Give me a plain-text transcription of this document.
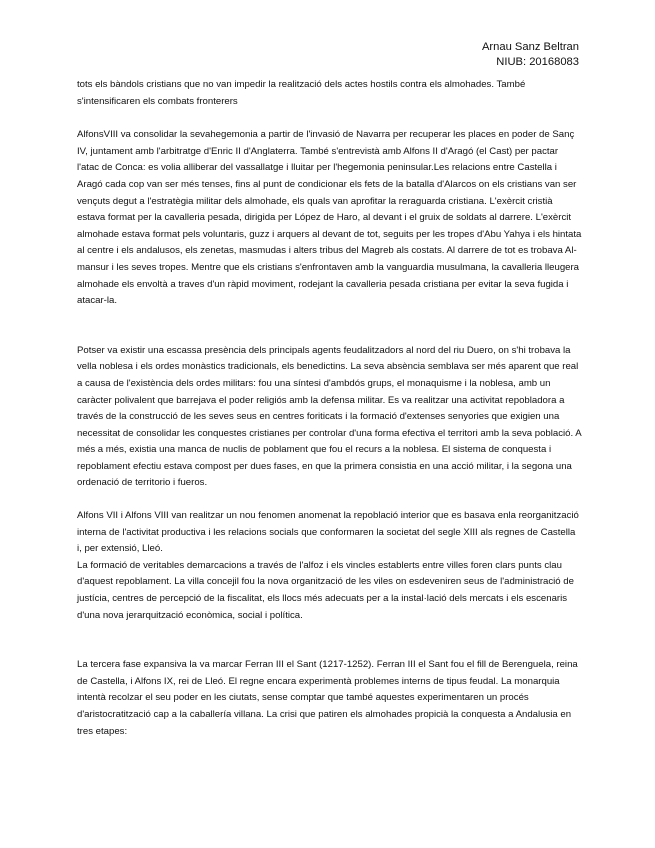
Arnau Sanz Beltran
NIUB: 20168083

tots els bàndols cristians que no van impedir la realització dels actes hostils contra els almohades. També s'intensificaren els combats fronterers

AlfonsVIII va consolidar la sevahegemonia a partir de l'invasió de Navarra per recuperar les places en poder de Sanç IV, juntament amb l'arbitratge d'Enric II d'Anglaterra. També s'entrevistà amb Alfons II d'Aragó (el Cast) per pactar l'atac de Conca: es volia alliberar del vassallatge i lluitar per l'hegemonia peninsular.Les relacions entre Castella i Aragó cada cop van ser més tenses, fins al punt de condicionar els fets de la batalla d'Alarcos on els cristians van ser vençuts degut a l'estratègia militar dels almohade, els quals van aprofitar la reraguarda cristiana. L'exèrcit cristià estava format per la cavalleria pesada, dirigida per López de Haro, al devant i el gruix de soldats al darrere. L'exèrcit almohade estava format pels voluntaris, guzz i arquers al devant de tot, seguits per les tropes d'Abu Yahya i els hintata al centre i els andalusos, els zenetas, masmudas i alters tribus del Magreb als costats. Al darrere de tot es trobava Al-mansur i les seves tropes. Mentre que els cristians s'enfrontaven amb la vanguardia musulmana, la cavalleria lleugera almohade els envoltà a traves d'un ràpid moviment, rodejant la cavalleria pesada cristiana per evitar la seva fugida i atacar-la.

Potser va existir una escassa presència dels principals agents feudalitzadors al nord del riu Duero, on s'hi trobava la vella noblesa i els ordes monàstics tradicionals, els benedictins. La seva absència semblava ser més aparent que real a causa de l'existència dels ordes militars: fou una síntesi d'ambdós grups, el monaquisme i la noblesa, amb un caràcter polivalent que barrejava el poder religiós amb la defensa militar. Es va realitzar una activitat repobladora a través de la construcció de les seves seus en centres foriticats i la formació d'extenses senyories que exigien una necessitat de consolidar les conquestes cristianes per controlar d'una forma efectiva el territori amb la seva població. A més a més, existia una manca de nuclis de poblament que fou el recurs a la noblesa. El sistema de conquesta i repoblament efectiu estava compost per dues fases, en que la primera consistia en una acció militar, i la segona una ordenació de territorio i fueros.

Alfons VII i Alfons VIII van realitzar un nou fenomen anomenat la repoblació interior que es basava enla reorganització interna de l'activitat productiva i les relacions socials que conformaren la societat del segle XIII als regnes de Castella i, per extensió, Lleó.

La formació de veritables demarcacions a través de l'alfoz i els vincles establerts entre villes foren clars punts clau d'aquest repoblament. La villa concejil fou la nova organització de les viles on esdeveniren seus de l'administració de justícia, centres de percepció de la fiscalitat, els llocs més adecuats per a la instal·lació dels mercats i els escenaris d'una nova jerarquització econòmica, social i política.

La tercera fase expansiva la va marcar Ferran III el Sant (1217-1252). Ferran III el Sant fou el fill de Berenguela, reina de Castella, i Alfons IX, rei de Lleó. El regne encara experimentà problemes interns de tipus feudal. La monarquia intentà recolzar el seu poder en les ciutats, sense comptar que també aquestes experimentaren un procés d'aristocratització cap a la caballería villana. La crisi que patiren els almohades propicià la conquesta a Andalusia en tres etapes:
